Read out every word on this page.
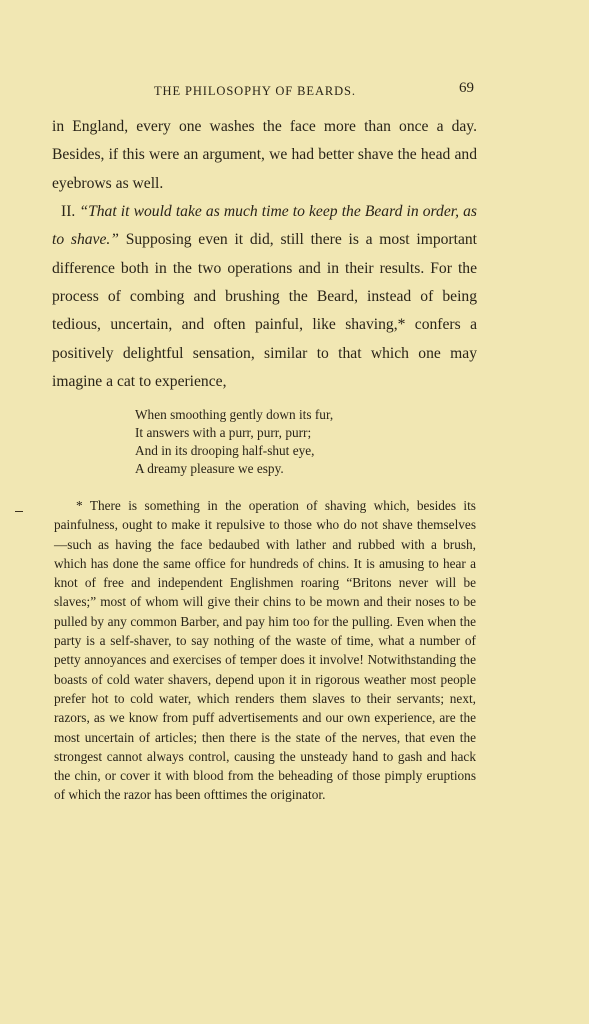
THE PHILOSOPHY OF BEARDS.	69

in England, every one washes the face more than once a day. Besides, if this were an argument, we had better shave the head and eyebrows as well.

II. “That it would take as much time to keep the Beard in order, as to shave.” Supposing even it did, still there is a most important difference both in the two operations and in their results. For the process of combing and brushing the Beard, instead of being tedious, uncertain, and often painful, like shaving,* confers a positively delightful sensation, similar to that which one may imagine a cat to experience,

When smoothing gently down its fur,
It answers with a purr, purr, purr;
And in its drooping half-shut eye,
A dreamy pleasure we espy.

* There is something in the operation of shaving which, besides its painfulness, ought to make it repulsive to those who do not shave themselves—such as having the face bedaubed with lather and rubbed with a brush, which has done the same office for hundreds of chins. It is amusing to hear a knot of free and independent Englishmen roaring “Britons never will be slaves;” most of whom will give their chins to be mown and their noses to be pulled by any common Barber, and pay him too for the pulling. Even when the party is a self-shaver, to say nothing of the waste of time, what a number of petty annoyances and exercises of temper does it involve! Notwithstanding the boasts of cold water shavers, depend upon it in rigorous weather most people prefer hot to cold water, which renders them slaves to their servants; next, razors, as we know from puff advertisements and our own experience, are the most uncertain of articles; then there is the state of the nerves, that even the strongest cannot always control, causing the unsteady hand to gash and hack the chin, or cover it with blood from the beheading of those pimply eruptions of which the razor has been ofttimes the originator.
